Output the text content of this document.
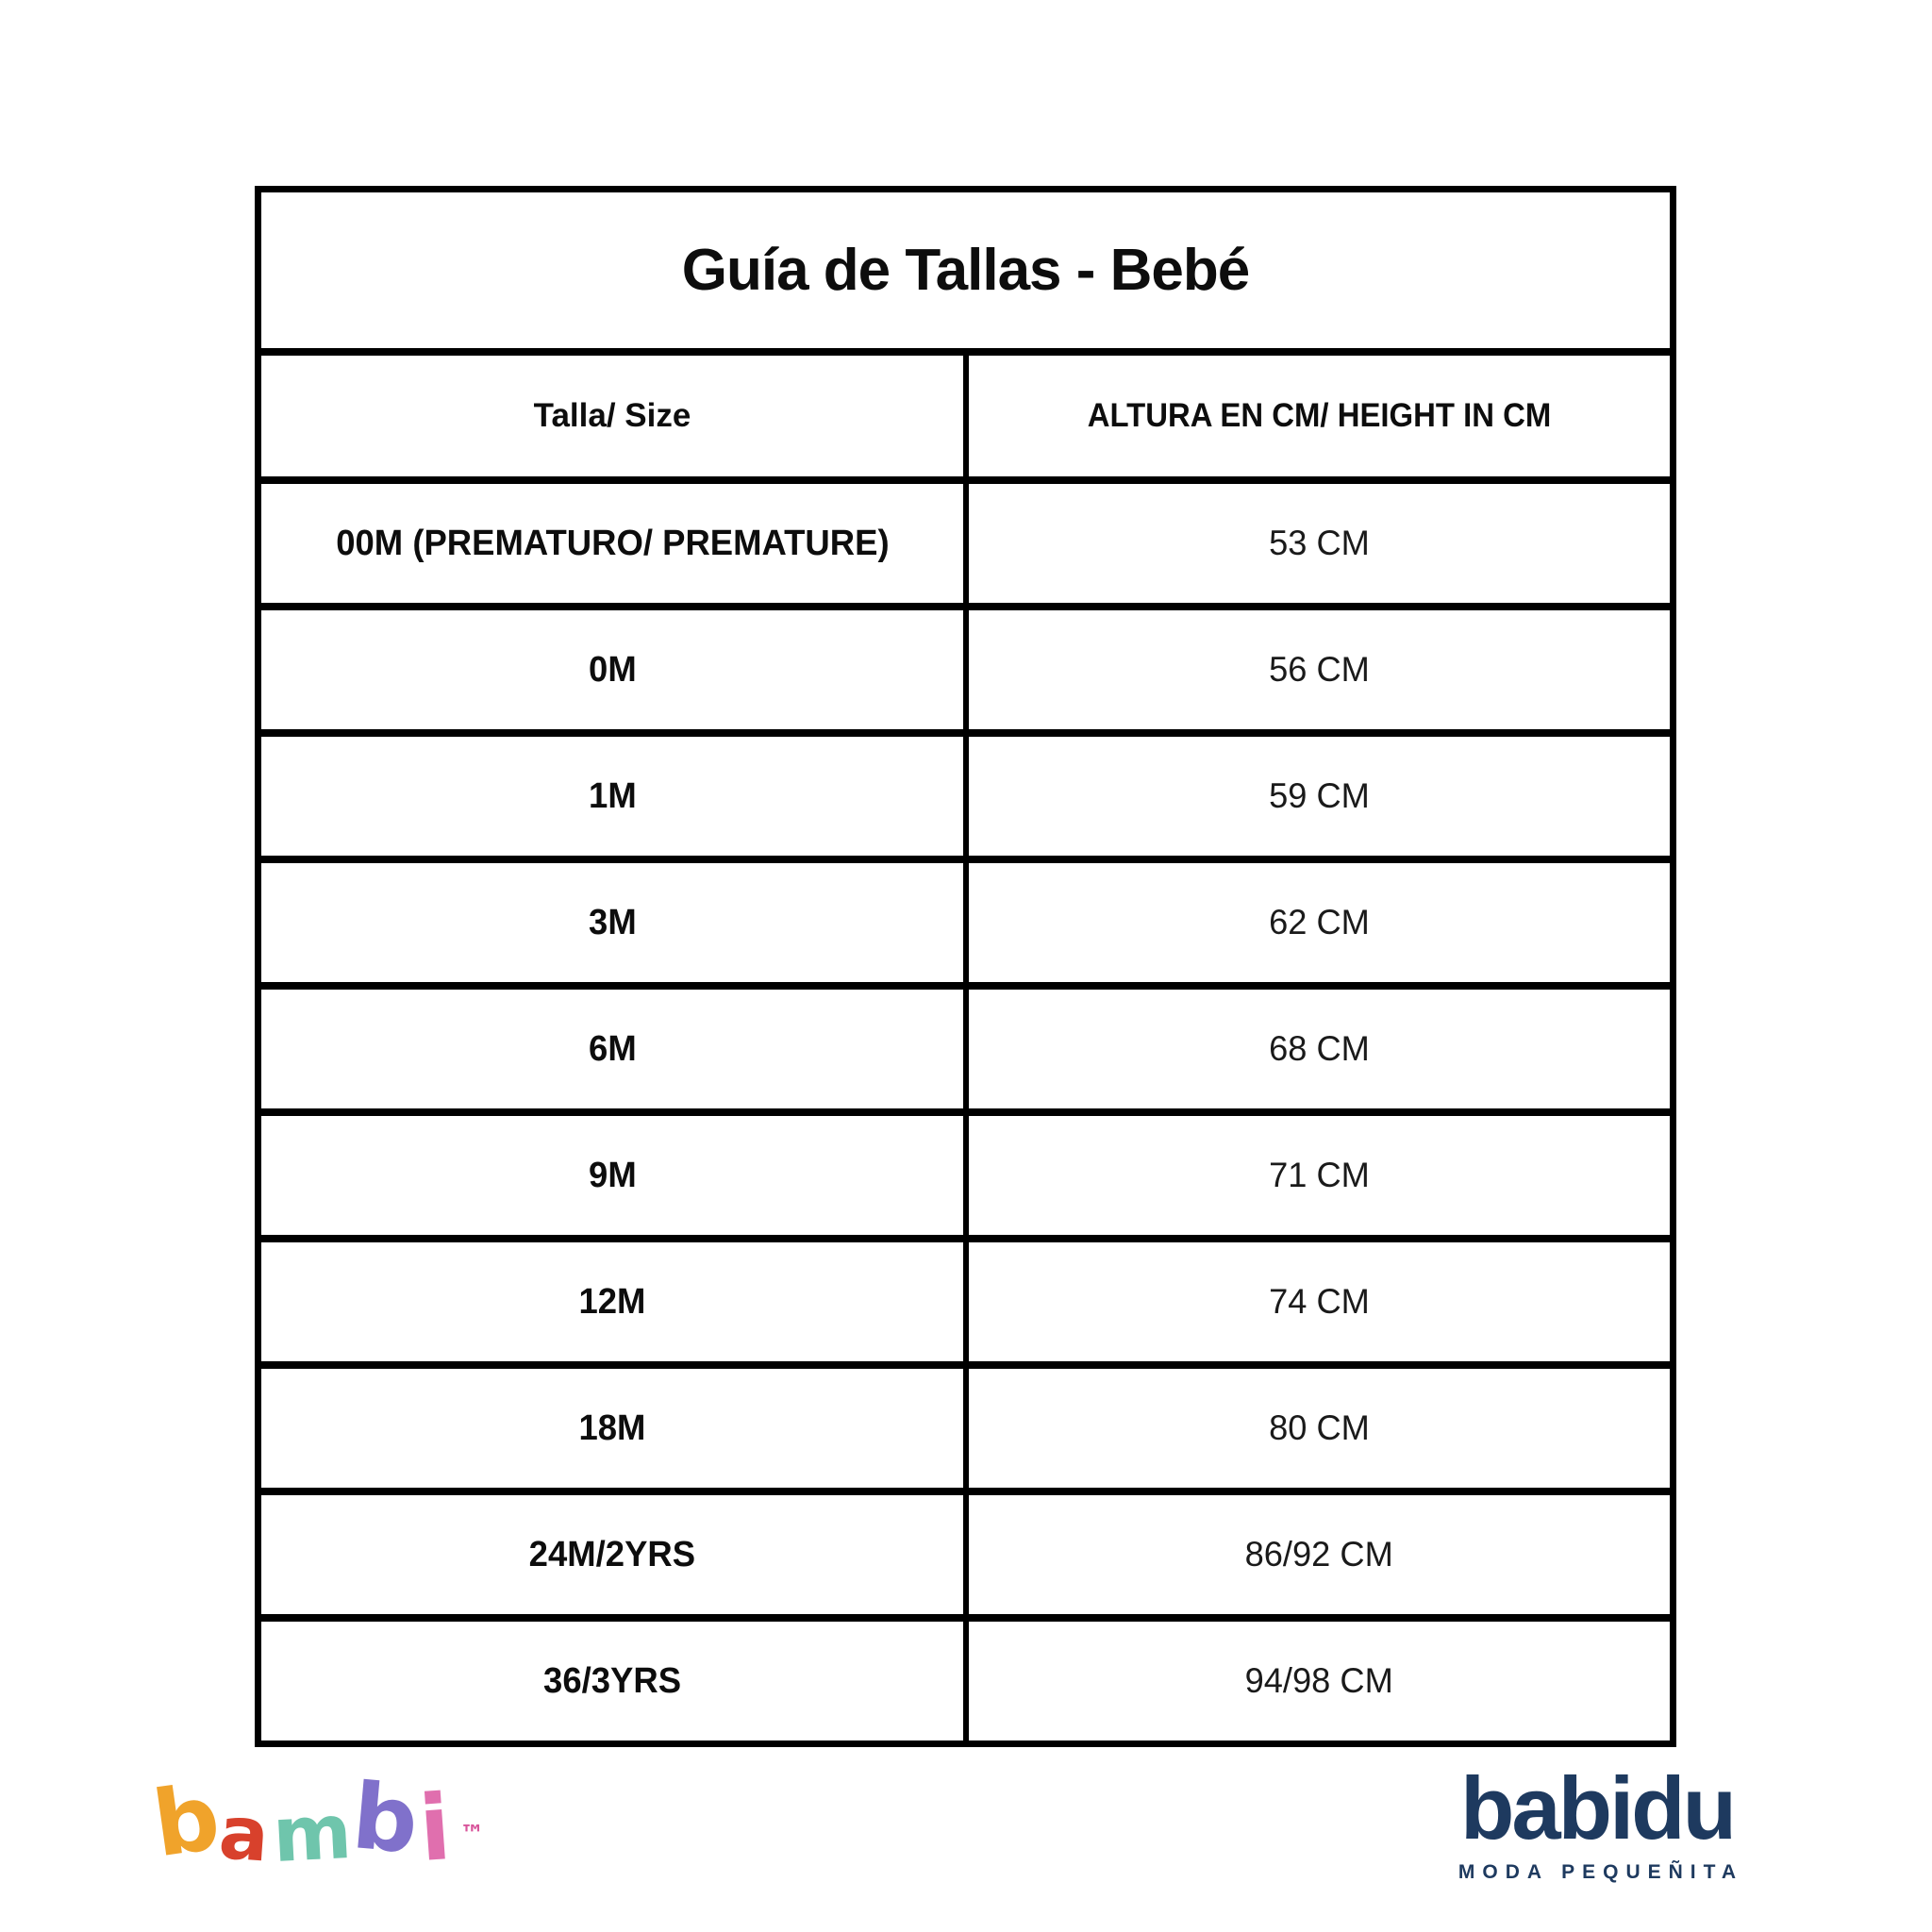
Guía de Tallas - Bebé
Talla/ Size	ALTURA EN CM/ HEIGHT IN CM
00M (PREMATURO/ PREMATURE)	53 CM
0M	56 CM
1M	59 CM
3M	62 CM
6M	68 CM
9M	71 CM
12M	74 CM
18M	80 CM
24M/2YRS	86/92 CM
36/3YRS	94/98 CM
b
a
m
b
i ™	babidu
MODA PEQUEÑITA
